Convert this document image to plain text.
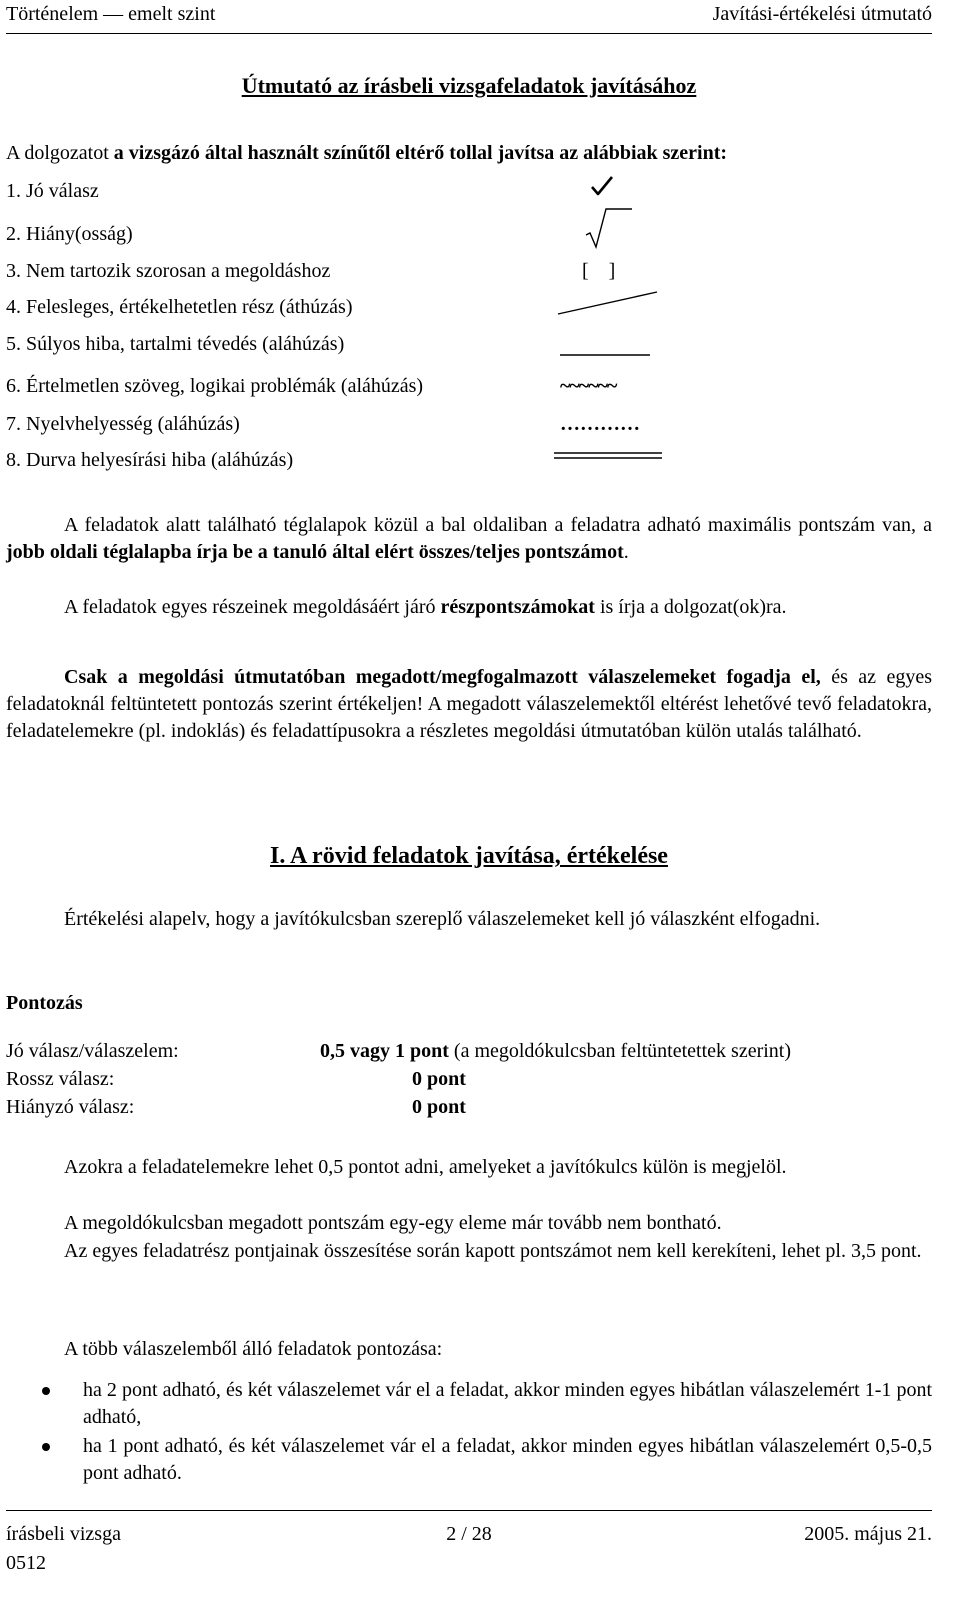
Történelem — emelt szint	Javítási-értékelési útmutató
Útmutató az írásbeli vizsgafeladatok javításához
A dolgozatot a vizsgázó által használt színűtől eltérő tollal javítsa az alábbiak szerint:
1. Jó válasz
2. Hiány(osság)
3. Nem tartozik szorosan a megoldáshoz	[    ]
4. Felesleges, értékelhetetlen rész (áthúzás)
5. Súlyos hiba, tartalmi tévedés (aláhúzás)
6. Értelmetlen szöveg, logikai problémák (aláhúzás)	~~~~~~
7. Nyelvhelyesség (aláhúzás)	…………
8. Durva helyesírási hiba (aláhúzás)
A feladatok alatt található téglalapok közül a bal oldaliban a feladatra adható maximális pontszám van, a jobb oldali téglalapba írja be a tanuló által elért összes/teljes pontszámot.
A feladatok egyes részeinek megoldásáért járó részpontszámokat is írja a dolgozat(ok)ra.
Csak a megoldási útmutatóban megadott/megfogalmazott válaszelemeket fogadja el, és az egyes feladatoknál feltüntetett pontozás szerint értékeljen! A megadott válaszelemektől eltérést lehetővé tevő feladatokra, feladatelemekre (pl. indoklás) és feladattípusokra a részletes megoldási útmutatóban külön utalás található.
I. A rövid feladatok javítása, értékelése
Értékelési alapelv, hogy a javítókulcsban szereplő válaszelemeket kell jó válaszként elfogadni.
Pontozás
Jó válasz/válaszelem:	0,5 vagy 1 pont (a megoldókulcsban feltüntetettek szerint)
Rossz válasz:	0 pont
Hiányzó válasz:	0 pont
Azokra a feladatelemekre lehet 0,5 pontot adni, amelyeket a javítókulcs külön is megjelöl.
A megoldókulcsban megadott pontszám egy-egy eleme már tovább nem bontható.
Az egyes feladatrész pontjainak összesítése során kapott pontszámot nem kell kerekíteni, lehet pl. 3,5 pont.
A több válaszelemből álló feladatok pontozása:
ha 2 pont adható, és két válaszelemet vár el a feladat, akkor minden egyes hibátlan válaszelemért 1-1 pont adható,
ha 1 pont adható, és két válaszelemet vár el a feladat, akkor minden egyes hibátlan válaszelemért 0,5-0,5 pont adható.
írásbeli vizsga	2 / 28	2005. május 21.
0512
